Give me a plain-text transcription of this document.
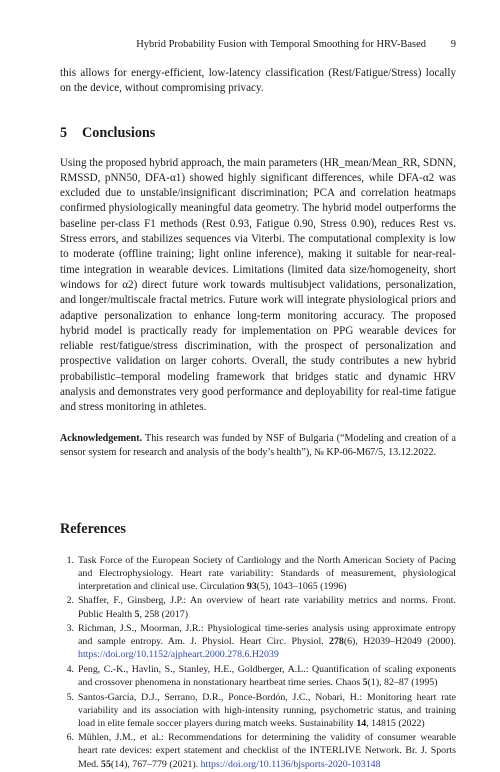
Hybrid Probability Fusion with Temporal Smoothing for HRV-Based 9

this allows for energy-efficient, low-latency classification (Rest/Fatigue/Stress) locally on the device, without compromising privacy.

5 Conclusions

Using the proposed hybrid approach, the main parameters (HR_mean/Mean_RR, SDNN, RMSSD, pNN50, DFA-α1) showed highly significant differences, while DFA-α2 was excluded due to unstable/insignificant discrimination; PCA and correlation heatmaps confirmed physiologically meaningful data geometry. The hybrid model outperforms the baseline per-class F1 methods (Rest 0.93, Fatigue 0.90, Stress 0.90), reduces Rest vs. Stress errors, and stabilizes sequences via Viterbi. The computational complexity is low to moderate (offline training; light online inference), making it suitable for near-real-time integration in wearable devices. Limitations (limited data size/homogeneity, short windows for α2) direct future work towards multisubject validations, personalization, and longer/multiscale fractal metrics. Future work will integrate physiological priors and adaptive personalization to enhance long-term monitoring accuracy. The proposed hybrid model is practically ready for implementation on PPG wearable devices for reliable rest/fatigue/stress discrimination, with the prospect of personalization and prospective validation on larger cohorts. Overall, the study contributes a new hybrid probabilistic–temporal modeling framework that bridges static and dynamic HRV analysis and demonstrates very good performance and deployability for real-time fatigue and stress monitoring in athletes.

Acknowledgement. This research was funded by NSF of Bulgaria (“Modeling and creation of a sensor system for research and analysis of the body’s health”), № KP-06-M67/5, 13.12.2022.

References
1. Task Force of the European Society of Cardiology and the North American Society of Pacing and Electrophysiology. Heart rate variability: Standards of measurement, physiological interpretation and clinical use. Circulation 93(5), 1043–1065 (1996)
2. Shaffer, F., Ginsberg, J.P.: An overview of heart rate variability metrics and norms. Front. Public Health 5, 258 (2017)
3. Richman, J.S., Moorman, J.R.: Physiological time-series analysis using approximate entropy and sample entropy. Am. J. Physiol. Heart Circ. Physiol. 278(6), H2039–H2049 (2000). https://doi.org/10.1152/ajpheart.2000.278.6.H2039
4. Peng, C.-K., Havlin, S., Stanley, H.E., Goldberger, A.L.: Quantification of scaling exponents and crossover phenomena in nonstationary heartbeat time series. Chaos 5(1), 82–87 (1995)
5. Santos-García, D.J., Serrano, D.R., Ponce-Bordón, J.C., Nobari, H.: Monitoring heart rate variability and its association with high-intensity running, psychometric status, and training load in elite female soccer players during match weeks. Sustainability 14, 14815 (2022)
6. Mühlen, J.M., et al.: Recommendations for determining the validity of consumer wearable heart rate devices: expert statement and checklist of the INTERLIVE Network. Br. J. Sports Med. 55(14), 767–779 (2021). https://doi.org/10.1136/bjsports-2020-103148
